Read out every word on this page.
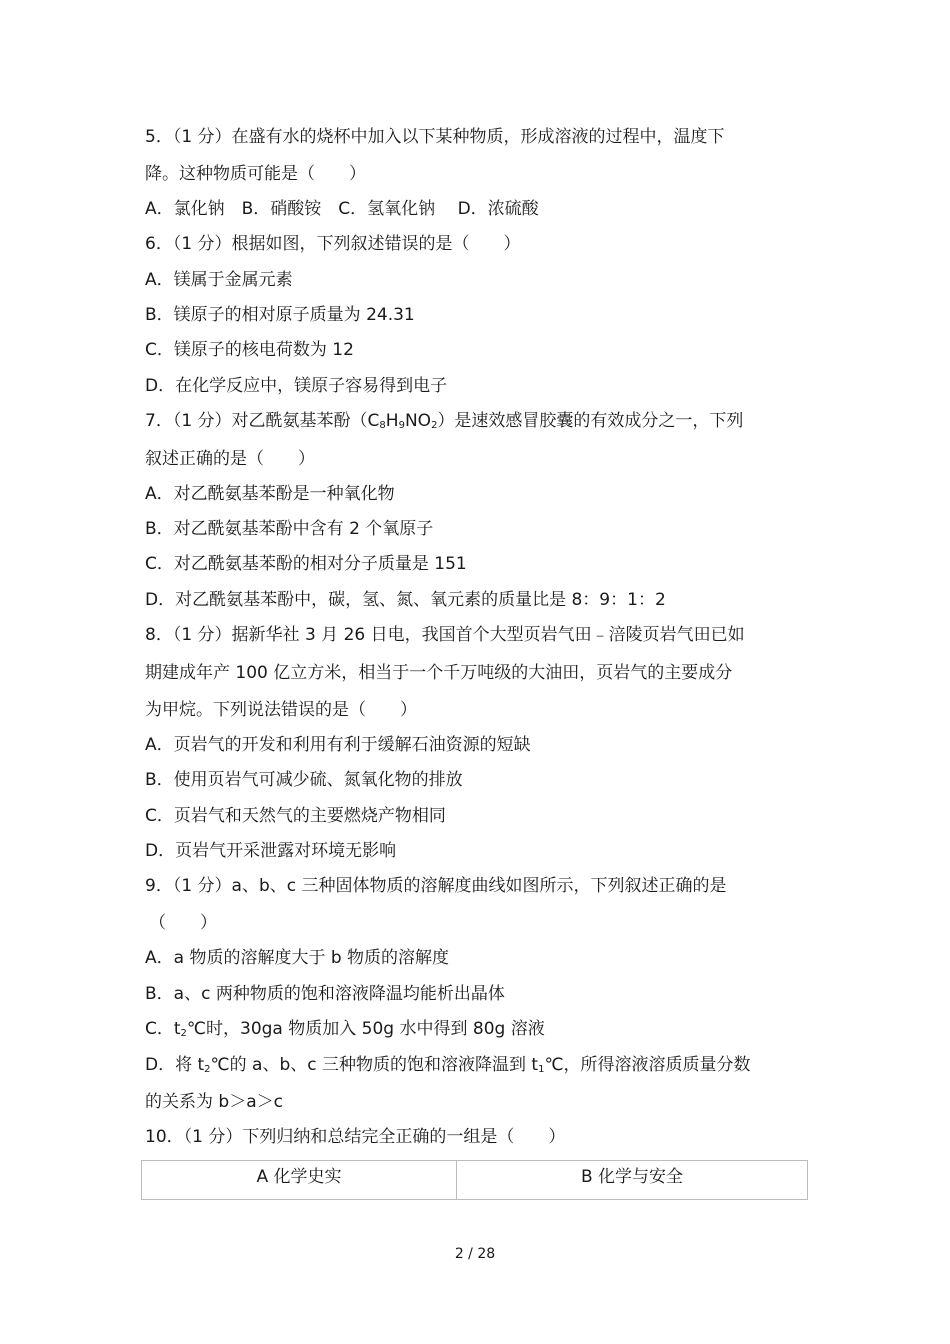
5．（1 分）在盛有水的烧杯中加入以下某种物质，形成溶液的过程中，温度下
降。这种物质可能是（　　）
A．氯化钠　B．硝酸铵　C．氢氧化钠　 D．浓硫酸
6．（1 分）根据如图，下列叙述错误的是（　　）
A．镁属于金属元素
B．镁原子的相对原子质量为 24.31
C．镁原子的核电荷数为 12
D．在化学反应中，镁原子容易得到电子
7．（1 分）对乙酰氨基苯酚$(C_8H_9NO_2)$是速效感冒胶囊的有效成分之一，下列
叙述正确的是（　　）
A．对乙酰氨基苯酚是一种氧化物
B．对乙酰氨基苯酚中含有 2 个氧原子
C．对乙酰氨基苯酚的相对分子质量是 151
D．对乙酰氨基苯酚中，碳，氢、氮、氧元素的质量比是 8：9：1：2
8．（1 分）据新华社 3 月 26 日电，我国首个大型页岩气田﹣涪陵页岩气田已如
期建成年产 100 亿立方米，相当于一个千万吨级的大油田，页岩气的主要成分
为甲烷。下列说法错误的是（　　）
A．页岩气的开发和利用有利于缓解石油资源的短缺
B．使用页岩气可减少硫、氮氧化物的排放
C．页岩气和天然气的主要燃烧产物相同
D．页岩气开采泄露对环境无影响
9．（1 分）a、b、c 三种固体物质的溶解度曲线如图所示，下列叙述正确的是
（　　）
A．a 物质的溶解度大于 b 物质的溶解度
B．a、c 两种物质的饱和溶液降温均能析出晶体
C．$t_2℃$时，30ga 物质加入 50g 水中得到 80g 溶液
D．将 $t_2℃$的 a、b、c 三种物质的饱和溶液降温到 $t_1℃$，所得溶液溶质质量分数
的关系为 b＞a＞c
10．（1 分）下列归纳和总结完全正确的一组是（　　）
A 化学史实	B 化学与安全
2 / 28
